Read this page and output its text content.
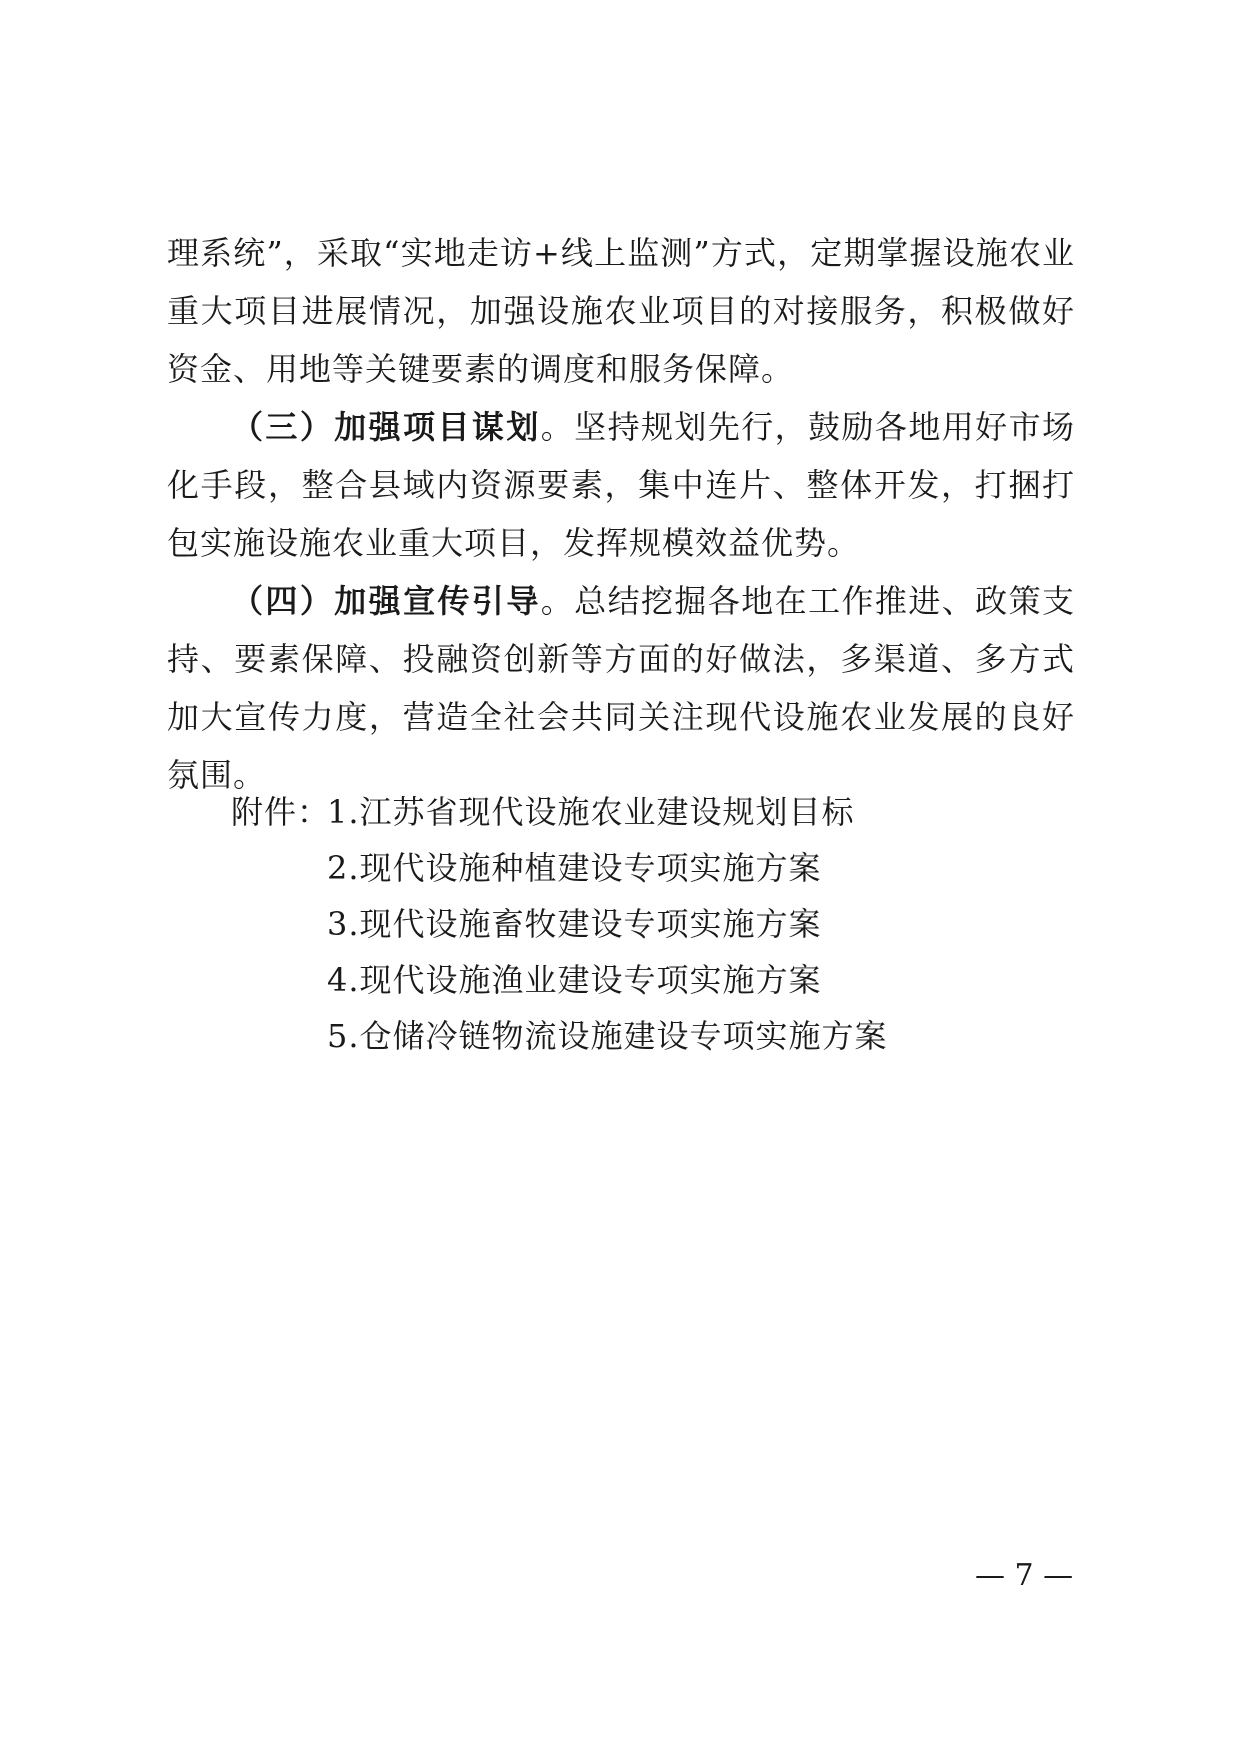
理系统”，采取“实地走访+线上监测”方式，定期掌握设施农业重大项目进展情况，加强设施农业项目的对接服务，积极做好资金、用地等关键要素的调度和服务保障。

（三）加强项目谋划。坚持规划先行，鼓励各地用好市场化手段，整合县域内资源要素，集中连片、整体开发，打捆打包实施设施农业重大项目，发挥规模效益优势。

（四）加强宣传引导。总结挖掘各地在工作推进、政策支持、要素保障、投融资创新等方面的好做法，多渠道、多方式加大宣传力度，营造全社会共同关注现代设施农业发展的良好氛围。

附件：1.江苏省现代设施农业建设规划目标
2.现代设施种植建设专项实施方案
3.现代设施畜牧建设专项实施方案
4.现代设施渔业建设专项实施方案
5.仓储冷链物流设施建设专项实施方案
— 7 —
